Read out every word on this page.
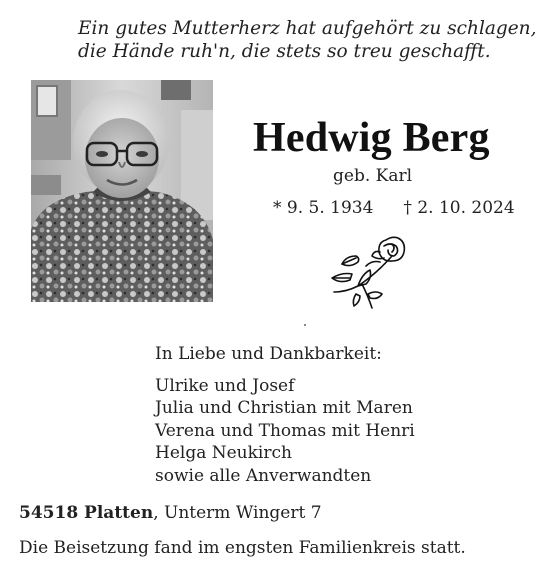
Ein gutes Mutterherz hat aufgehört zu schlagen,
die Hände ruh'n, die stets so treu geschafft.
Hedwig Berg
geb. Karl
* 9. 5. 1934 † 2. 10. 2024
In Liebe und Dankbarkeit:
Ulrike und Josef
Julia und Christian mit Maren
Verena und Thomas mit Henri
Helga Neukirch
sowie alle Anverwandten
54518 Platten, Unterm Wingert 7
Die Beisetzung fand im engsten Familienkreis statt.
